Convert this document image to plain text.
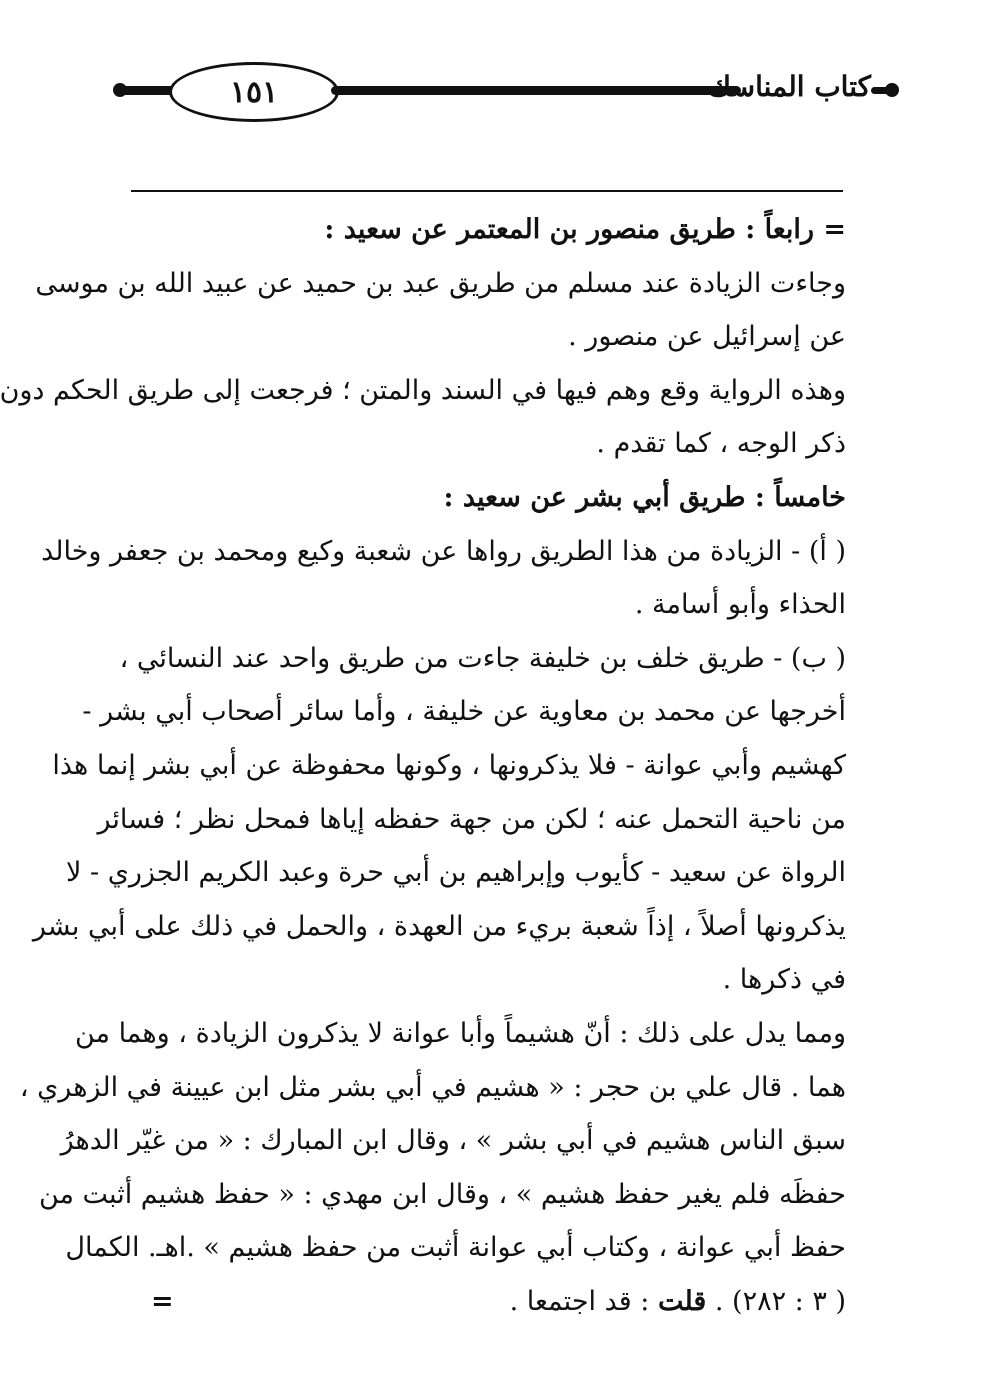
١٥١	كتاب المناسك
= رابعاً : طريق منصور بن المعتمر عن سعيد :
وجاءت الزيادة عند مسلم من طريق عبد بن حميد عن عبيد الله بن موسى
عن إسرائيل عن منصور .
وهذه الرواية وقع وهم فيها في السند والمتن ؛ فرجعت إلى طريق الحكم دون
ذكر الوجه ، كما تقدم .
خامساً : طريق أبي بشر عن سعيد :
( أ) - الزيادة من هذا الطريق رواها عن شعبة وكيع ومحمد بن جعفر وخالد
الحذاء وأبو أسامة .
( ب) - طريق خلف بن خليفة جاءت من طريق واحد عند النسائي ،
أخرجها عن محمد بن معاوية عن خليفة ، وأما سائر أصحاب أبي بشر -
كهشيم وأبي عوانة - فلا يذكرونها ، وكونها محفوظة عن أبي بشر إنما هذا
من ناحية التحمل عنه ؛ لكن من جهة حفظه إياها فمحل نظر ؛ فسائر
الرواة عن سعيد - كأيوب وإبراهيم بن أبي حرة وعبد الكريم الجزري - لا
يذكرونها أصلاً ، إذاً شعبة بريء من العهدة ، والحمل في ذلك على أبي بشر
في ذكرها .
ومما يدل على ذلك : أنّ هشيماً وأبا عوانة لا يذكرون الزيادة ، وهما من
هما . قال علي بن حجر : « هشيم في أبي بشر مثل ابن عيينة في الزهري ،
سبق الناس هشيم في أبي بشر » ، وقال ابن المبارك : « من غيّر الدهرُ
حفظَه فلم يغير حفظ هشيم » ، وقال ابن مهدي : « حفظ هشيم أثبت من
حفظ أبي عوانة ، وكتاب أبي عوانة أثبت من حفظ هشيم » .اهـ. الكمال
( ٣ : ٢٨٢) . قلت : قد اجتمعا .
=
